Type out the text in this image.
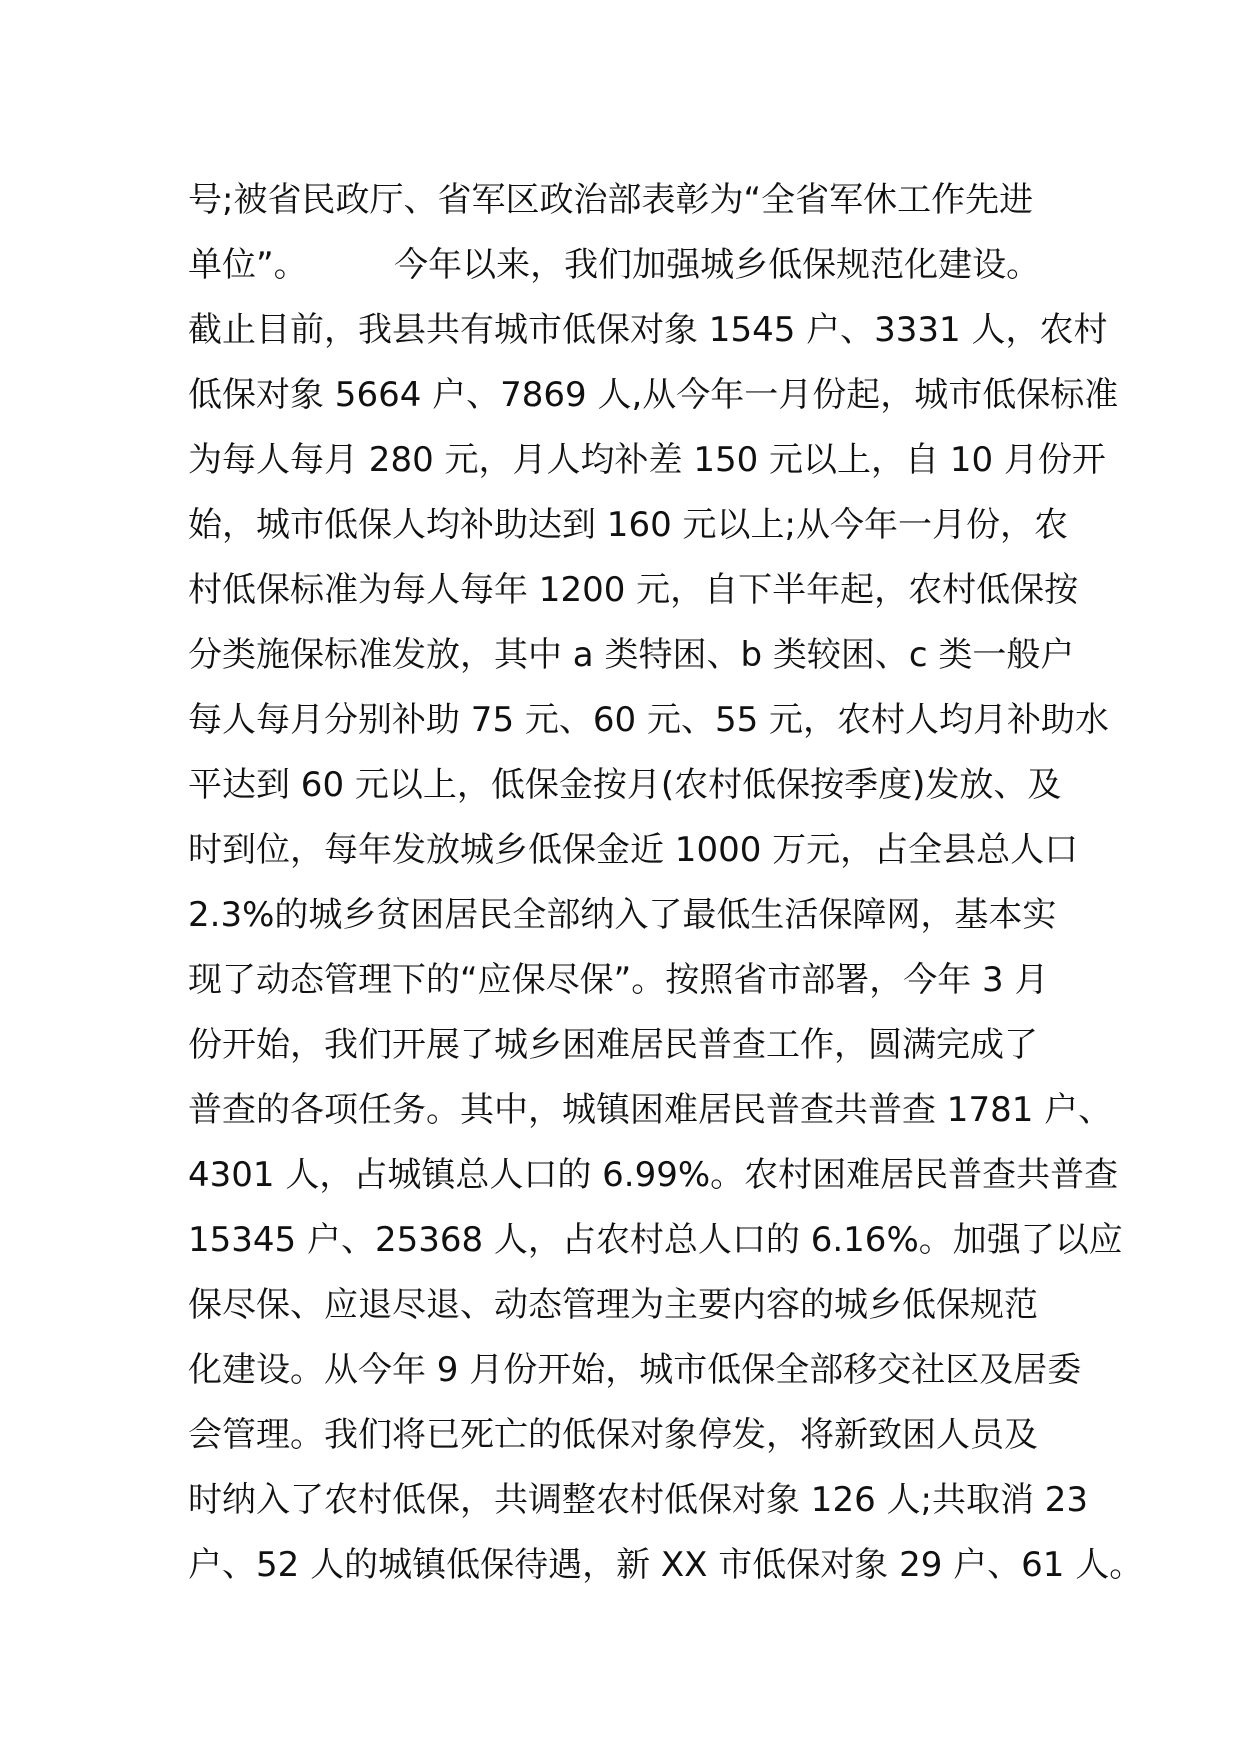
号;被省民政厅、省军区政治部表彰为“全省军休工作先进
单位”。        今年以来，我们加强城乡低保规范化建设。
截止目前，我县共有城市低保对象 1545 户、3331 人，农村
低保对象 5664 户、7869 人,从今年一月份起，城市低保标准
为每人每月 280 元，月人均补差 150 元以上，自 10 月份开
始，城市低保人均补助达到 160 元以上;从今年一月份，农
村低保标准为每人每年 1200 元，自下半年起，农村低保按
分类施保标准发放，其中 a 类特困、b 类较困、c 类一般户
每人每月分别补助 75 元、60 元、55 元，农村人均月补助水
平达到 60 元以上，低保金按月(农村低保按季度)发放、及
时到位，每年发放城乡低保金近 1000 万元，占全县总人口
2.3%的城乡贫困居民全部纳入了最低生活保障网，基本实
现了动态管理下的“应保尽保”。按照省市部署，今年 3 月
份开始，我们开展了城乡困难居民普查工作，圆满完成了
普查的各项任务。其中，城镇困难居民普查共普查 1781 户、
4301 人，占城镇总人口的 6.99%。农村困难居民普查共普查
15345 户、25368 人，占农村总人口的 6.16%。加强了以应
保尽保、应退尽退、动态管理为主要内容的城乡低保规范
化建设。从今年 9 月份开始，城市低保全部移交社区及居委
会管理。我们将已死亡的低保对象停发，将新致困人员及
时纳入了农村低保，共调整农村低保对象 126 人;共取消 23
户、52 人的城镇低保待遇，新 XX 市低保对象 29 户、61 人。
